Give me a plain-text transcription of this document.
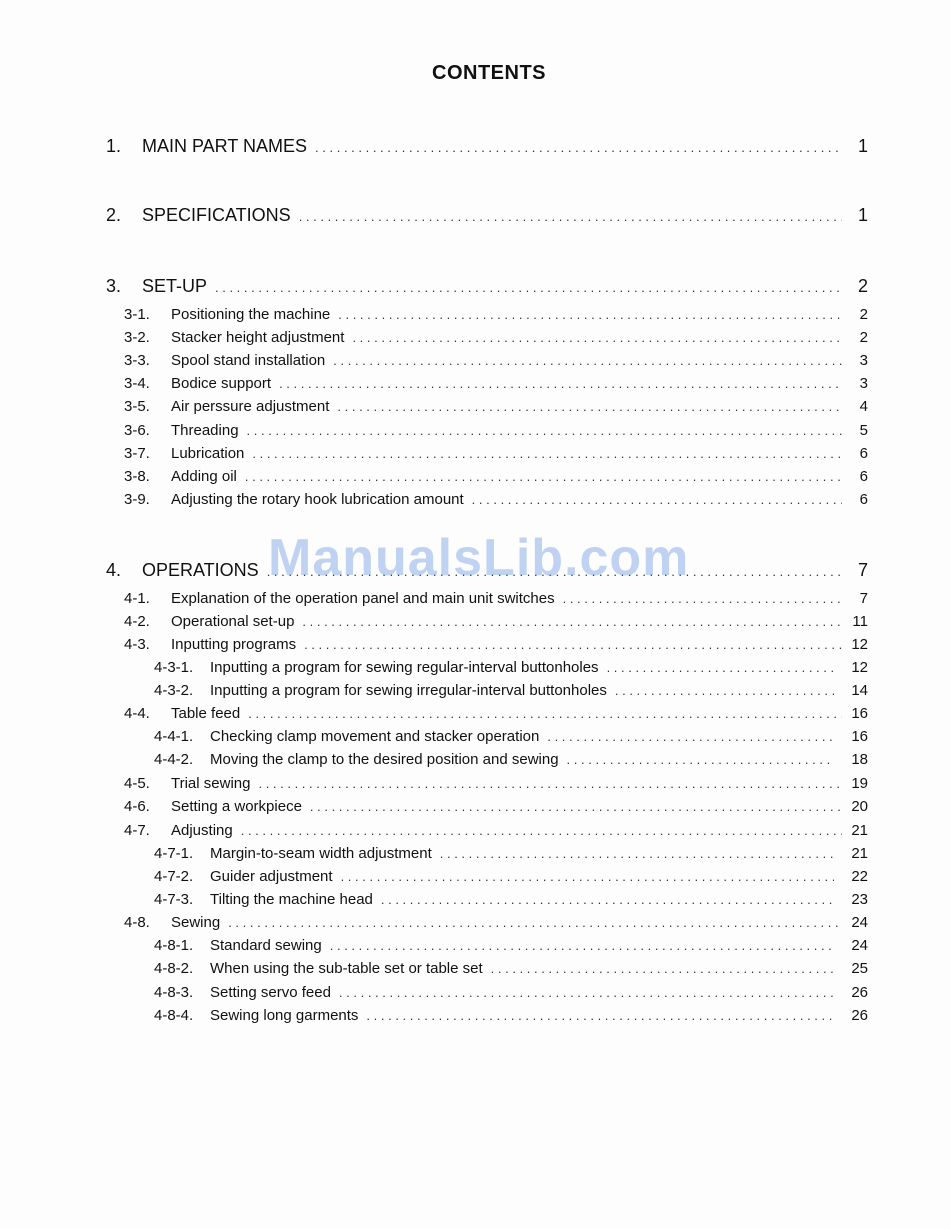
CONTENTS
1.	MAIN PART NAMES . . .	1
2.	SPECIFICATIONS . . .	1
3.	SET-UP . . .	2
3-1.	Positioning the machine . . .	2
3-2.	Stacker height adjustment . . .	2
3-3.	Spool stand installation . . .	3
3-4.	Bodice support . . .	3
3-5.	Air perssure adjustment . . .	4
3-6.	Threading . . .	5
3-7.	Lubrication . . .	6
3-8.	Adding oil . . .	6
3-9.	Adjusting the rotary hook lubrication amount . . .	6
4.	OPERATIONS . . .	7
4-1.	Explanation of the operation panel and main unit switches . . .	7
4-2.	Operational set-up . . .	11
4-3.	Inputting programs . . .	12
4-3-1.	Inputting a program for sewing regular-interval buttonholes . . .	12
4-3-2.	Inputting a program for sewing irregular-interval buttonholes . . .	14
4-4.	Table feed . . .	16
4-4-1.	Checking clamp movement and stacker operation . . .	16
4-4-2.	Moving the clamp to the desired position and sewing . . .	18
4-5.	Trial sewing . . .	19
4-6.	Setting a workpiece . . .	20
4-7.	Adjusting . . .	21
4-7-1.	Margin-to-seam width adjustment . . .	21
4-7-2.	Guider adjustment . . .	22
4-7-3.	Tilting the machine head . . .	23
4-8.	Sewing . . .	24
4-8-1.	Standard sewing . . .	24
4-8-2.	When using the sub-table set or table set . . .	25
4-8-3.	Setting servo feed . . .	26
4-8-4.	Sewing long garments . . .	26
ManualsLib.com
